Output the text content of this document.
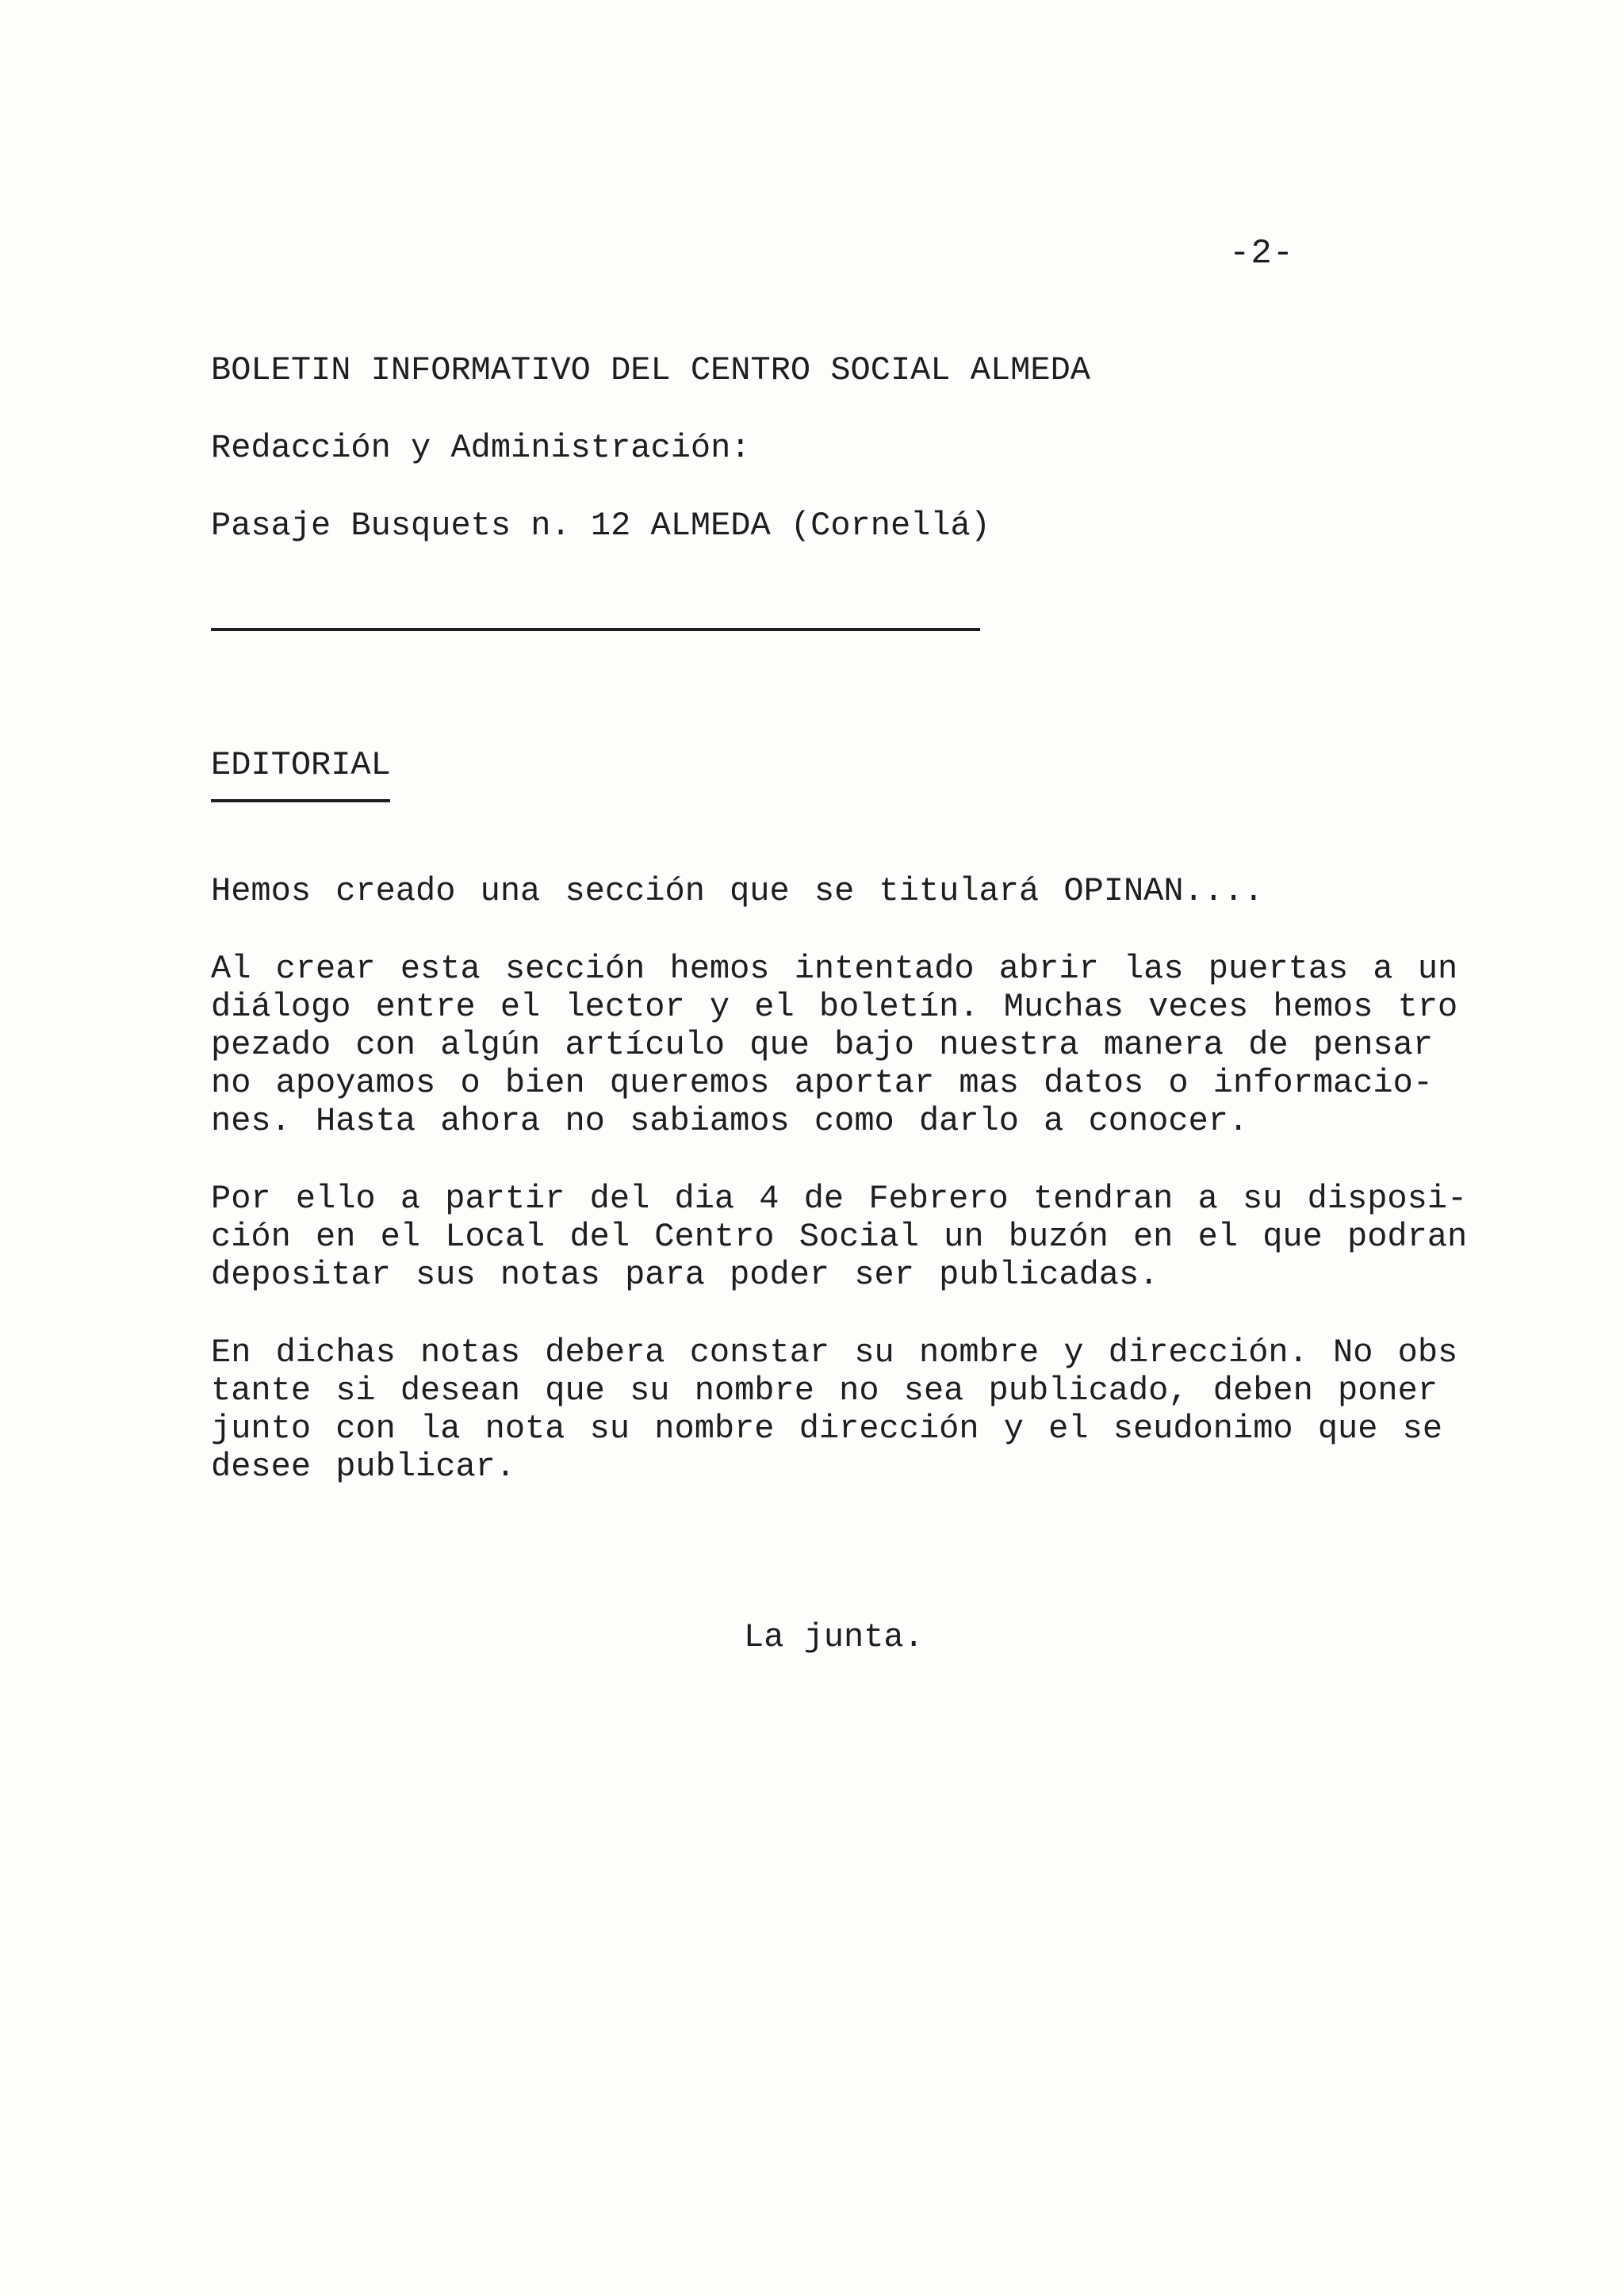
-2-
BOLETIN INFORMATIVO DEL CENTRO SOCIAL ALMEDA
Redacción y Administración:
Pasaje Busquets n. 12 ALMEDA (Cornellá)
EDITORIAL
Hemos creado una sección que se titulará OPINAN....
Al crear esta sección hemos intentado abrir las puertas a un
diálogo entre el lector y el boletín. Muchas veces hemos tro
pezado con algún artículo que bajo nuestra manera de pensar
no apoyamos o bien queremos aportar mas datos o informacio-
nes. Hasta ahora no sabiamos como darlo a conocer.
Por ello a partir del dia 4 de Febrero tendran a su disposi-
ción en el Local del Centro Social un buzón en el que podran
depositar sus notas para poder ser publicadas.
En dichas notas debera constar su nombre y dirección. No obs
tante si desean que su nombre no sea publicado, deben poner
junto con la nota su nombre dirección y el seudonimo que se
desee publicar.
La junta.
